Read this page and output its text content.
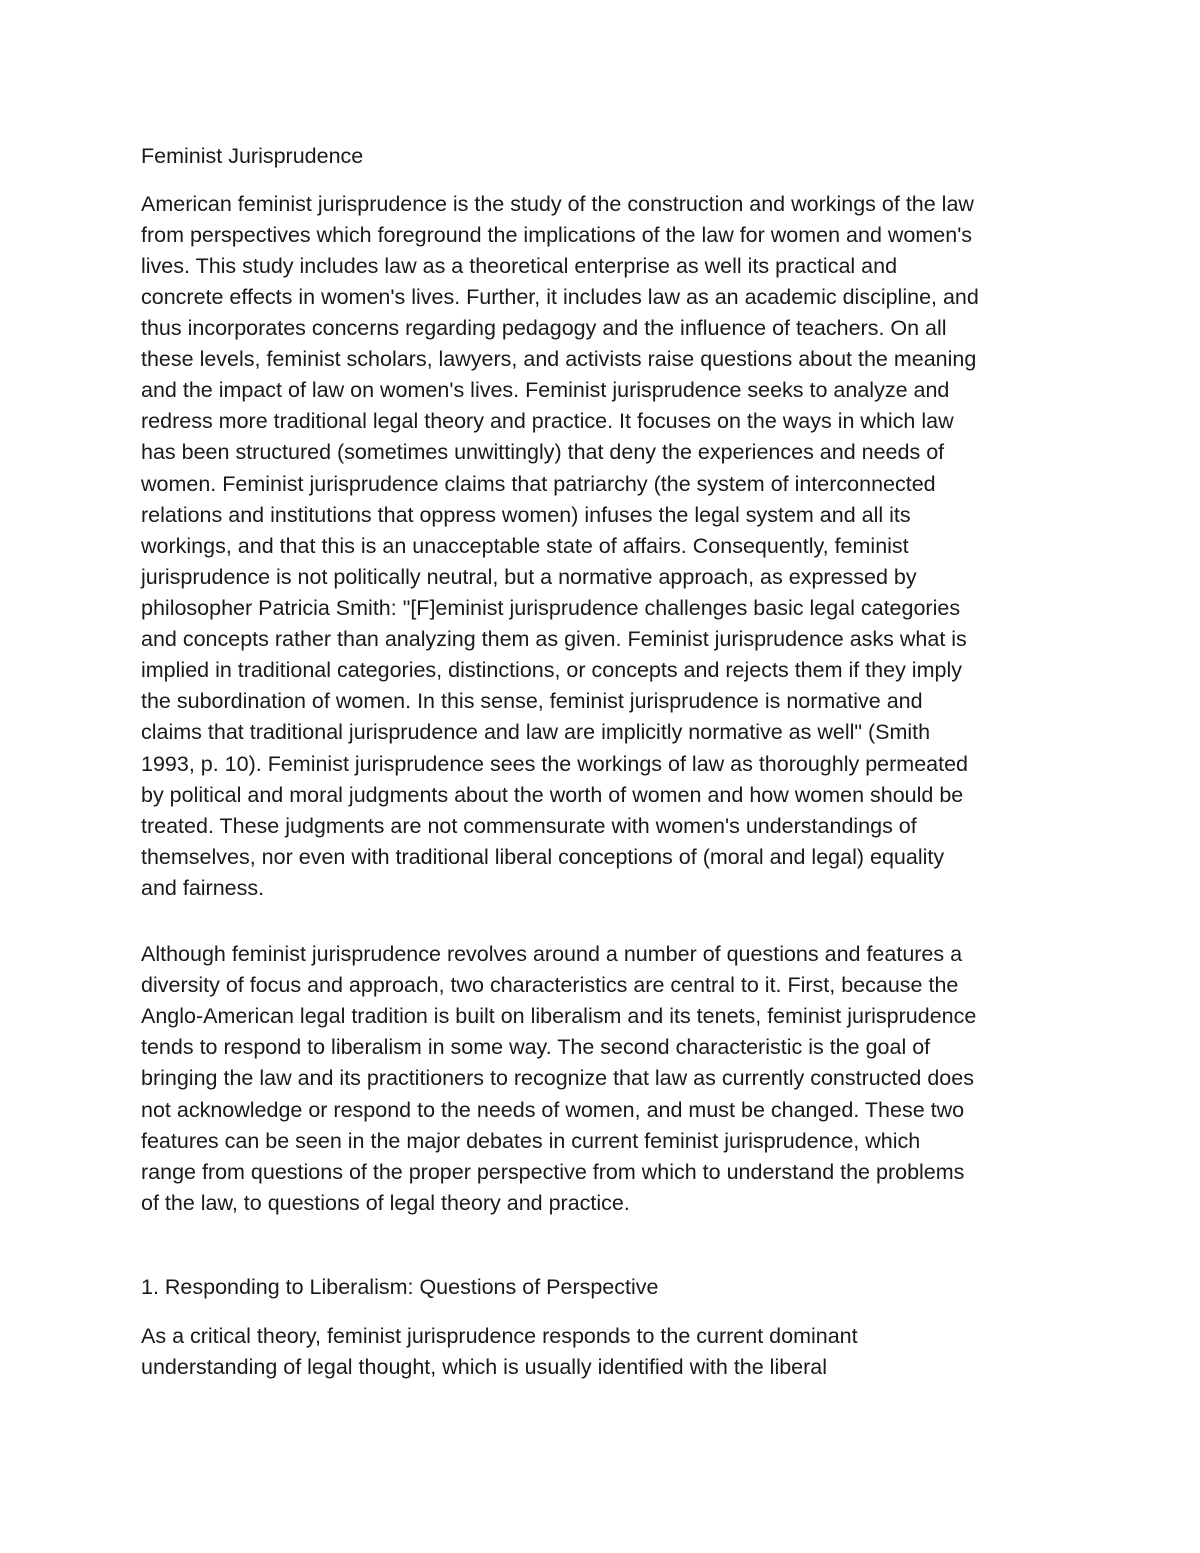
Feminist Jurisprudence

American feminist jurisprudence is the study of the construction and workings of the law

from perspectives which foreground the implications of the law for women and women's

lives. This study includes law as a theoretical enterprise as well its practical and

concrete effects in women's lives. Further, it includes law as an academic discipline, and

thus incorporates concerns regarding pedagogy and the influence of teachers. On all

these levels, feminist scholars, lawyers, and activists raise questions about the meaning

and the impact of law on women's lives. Feminist jurisprudence seeks to analyze and

redress more traditional legal theory and practice. It focuses on the ways in which law

has been structured (sometimes unwittingly) that deny the experiences and needs of

women. Feminist jurisprudence claims that patriarchy (the system of interconnected

relations and institutions that oppress women) infuses the legal system and all its

workings, and that this is an unacceptable state of affairs. Consequently, feminist

jurisprudence is not politically neutral, but a normative approach, as expressed by

philosopher Patricia Smith: "[F]eminist jurisprudence challenges basic legal categories

and concepts rather than analyzing them as given. Feminist jurisprudence asks what is

implied in traditional categories, distinctions, or concepts and rejects them if they imply

the subordination of women. In this sense, feminist jurisprudence is normative and

claims that traditional jurisprudence and law are implicitly normative as well" (Smith

1993, p. 10). Feminist jurisprudence sees the workings of law as thoroughly permeated

by political and moral judgments about the worth of women and how women should be

treated. These judgments are not commensurate with women's understandings of

themselves, nor even with traditional liberal conceptions of (moral and legal) equality

and fairness.

Although feminist jurisprudence revolves around a number of questions and features a

diversity of focus and approach, two characteristics are central to it. First, because the

Anglo-American legal tradition is built on liberalism and its tenets, feminist jurisprudence

tends to respond to liberalism in some way. The second characteristic is the goal of

bringing the law and its practitioners to recognize that law as currently constructed does

not acknowledge or respond to the needs of women, and must be changed. These two

features can be seen in the major debates in current feminist jurisprudence, which

range from questions of the proper perspective from which to understand the problems

of the law, to questions of legal theory and practice.

1. Responding to Liberalism: Questions of Perspective

As a critical theory, feminist jurisprudence responds to the current dominant

understanding of legal thought, which is usually identified with the liberal
